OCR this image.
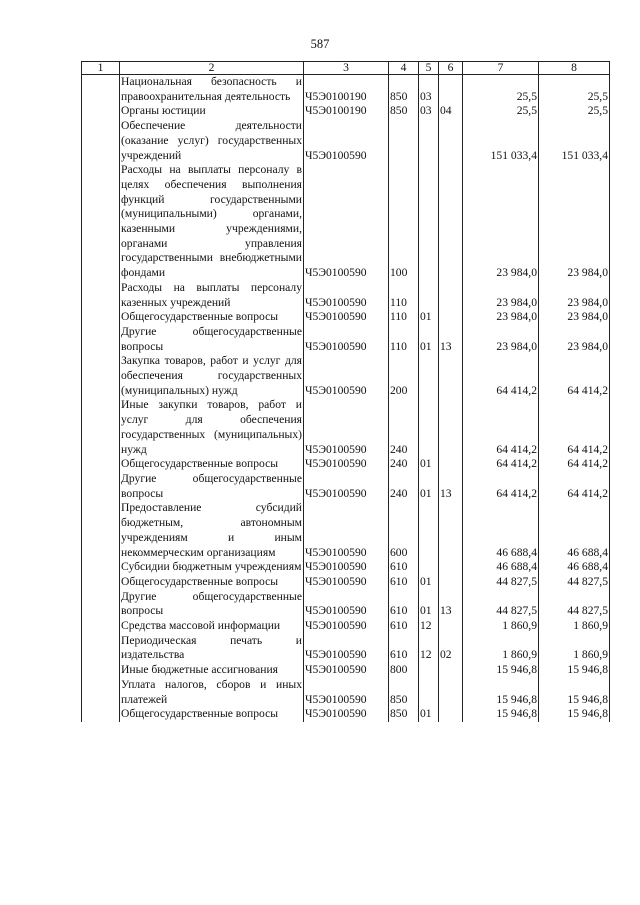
587
1	2	3	4	5	6	7	8
	Национальная безопасность и правоохранительная деятельность	Ч5Э0100190	850	03		25,5	25,5
	Органы юстиции	Ч5Э0100190	850	03	04	25,5	25,5
	Обеспечение деятельности (оказание услуг) государственных учреждений	Ч5Э0100590				151 033,4	151 033,4
	Расходы на выплаты персоналу в целях обеспечения выполнения функций государственными (муниципальными) органами, казенными учреждениями, органами управления государственными внебюджетными фондами	Ч5Э0100590	100			23 984,0	23 984,0
	Расходы на выплаты персоналу казенных учреждений	Ч5Э0100590	110			23 984,0	23 984,0
	Общегосударственные вопросы	Ч5Э0100590	110	01		23 984,0	23 984,0
	Другие общегосударственные вопросы	Ч5Э0100590	110	01	13	23 984,0	23 984,0
	Закупка товаров, работ и услуг для обеспечения государственных (муниципальных) нужд	Ч5Э0100590	200			64 414,2	64 414,2
	Иные закупки товаров, работ и услуг для обеспечения государственных (муниципальных) нужд	Ч5Э0100590	240			64 414,2	64 414,2
	Общегосударственные вопросы	Ч5Э0100590	240	01		64 414,2	64 414,2
	Другие общегосударственные вопросы	Ч5Э0100590	240	01	13	64 414,2	64 414,2
	Предоставление субсидий бюджетным, автономным учреждениям и иным некоммерческим организациям	Ч5Э0100590	600			46 688,4	46 688,4
	Субсидии бюджетным учреждениям	Ч5Э0100590	610			46 688,4	46 688,4
	Общегосударственные вопросы	Ч5Э0100590	610	01		44 827,5	44 827,5
	Другие общегосударственные вопросы	Ч5Э0100590	610	01	13	44 827,5	44 827,5
	Средства массовой информации	Ч5Э0100590	610	12		1 860,9	1 860,9
	Периодическая печать и издательства	Ч5Э0100590	610	12	02	1 860,9	1 860,9
	Иные бюджетные ассигнования	Ч5Э0100590	800			15 946,8	15 946,8
	Уплата налогов, сборов и иных платежей	Ч5Э0100590	850			15 946,8	15 946,8
	Общегосударственные вопросы	Ч5Э0100590	850	01		15 946,8	15 946,8
